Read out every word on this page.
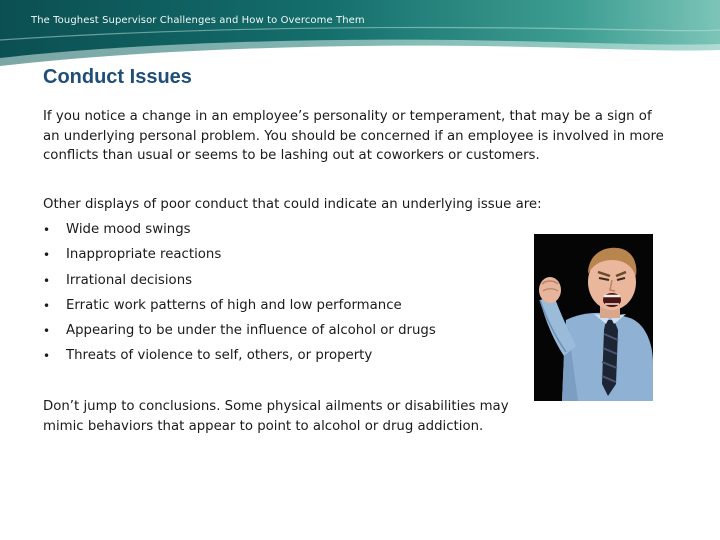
The Toughest Supervisor Challenges and How to Overcome Them
Conduct Issues
If you notice a change in an employee’s personality or temperament, that may be a sign of an underlying personal problem. You should be concerned if an employee is involved in more conflicts than usual or seems to be lashing out at coworkers or customers.
Other displays of poor conduct that could indicate an underlying issue are:
• Wide mood swings
• Inappropriate reactions
• Irrational decisions
• Erratic work patterns of high and low performance
• Appearing to be under the influence of alcohol or drugs
• Threats of violence to self, others, or property
Don’t jump to conclusions. Some physical ailments or disabilities may mimic behaviors that appear to point to alcohol or drug addiction.
